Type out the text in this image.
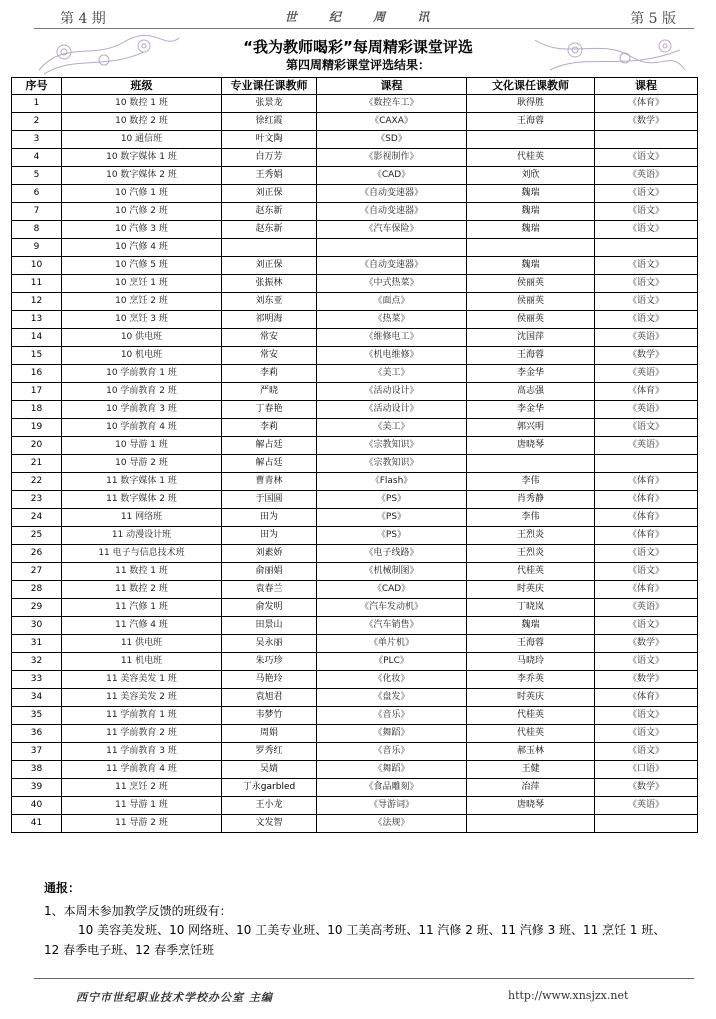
第 4 期	世 纪 周 讯	第 5 版
“我为教师喝彩”每周精彩课堂评选
第四周精彩课堂评选结果：
序号	班级	专业课任课教师	课程	文化课任课教师	课程
1	10 数控 1 班	张景龙	《数控车工》	耿得胜	《体育》
2	10 数控 2 班	徐红霞	《CAXA》	王海蓉	《数学》
3	10 通信班	叶文陶	《SD》		
4	10 数字媒体 1 班	白万芳	《影视制作》	代桂英	《语文》
5	10 数字媒体 2 班	王秀娟	《CAD》	刘欣	《英语》
6	10 汽修 1 班	刘正保	《自动变速器》	魏瑞	《语文》
7	10 汽修 2 班	赵东新	《自动变速器》	魏瑞	《语文》
8	10 汽修 3 班	赵东新	《汽车保险》	魏瑞	《语文》
9	10 汽修 4 班				
10	10 汽修 5 班	刘正保	《自动变速器》	魏瑞	《语文》
11	10 烹饪 1 班	张振林	《中式热菜》	侯丽英	《语文》
12	10 烹饪 2 班	刘东亚	《面点》	侯丽英	《语文》
13	10 烹饪 3 班	祁明海	《热菜》	侯丽英	《语文》
14	10 供电班	常安	《维修电工》	沈国萍	《英语》
15	10 机电班	常安	《机电维修》	王海蓉	《数学》
16	10 学前教育 1 班	李莉	《美工》	李金华	《英语》
17	10 学前教育 2 班	严晓	《活动设计》	高志强	《体育》
18	10 学前教育 3 班	丁春艳	《活动设计》	李金华	《英语》
19	10 学前教育 4 班	李莉	《美工》	郭兴明	《语文》
20	10 导游 1 班	解占廷	《宗教知识》	唐晓琴	《英语》
21	10 导游 2 班	解占廷	《宗教知识》		
22	11 数字媒体 1 班	曹青林	《Flash》	李伟	《体育》
23	11 数字媒体 2 班	于国圆	《PS》	肖秀静	《体育》
24	11 网络班	田为	《PS》	李伟	《体育》
25	11 动漫设计班	田为	《PS》	王烈炎	《体育》
26	11 电子与信息技术班	刘素娇	《电子线路》	王烈炎	《语文》
27	11 数控 1 班	俞丽娟	《机械制图》	代桂英	《语文》
28	11 数控 2 班	袁春兰	《CAD》	时英庆	《体育》
29	11 汽修 1 班	俞发明	《汽车发动机》	丁晓岚	《英语》
30	11 汽修 4 班	田景山	《汽车销售》	魏瑞	《语文》
31	11 供电班	吴永丽	《单片机》	王海蓉	《数学》
32	11 机电班	朱巧珍	《PLC》	马晓玲	《语文》
33	11 美容美发 1 班	马艳玲	《化妆》	李乔英	《数学》
34	11 美容美发 2 班	袁旭君	《盘发》	时英庆	《体育》
35	11 学前教育 1 班	韦梦竹	《音乐》	代桂英	《语文》
36	11 学前教育 2 班	周娟	《舞蹈》	代桂英	《语文》
37	11 学前教育 3 班	罗秀红	《音乐》	郝玉林	《语文》
38	11 学前教育 4 班	吴婧	《舞蹈》	王健	《口语》
39	11 烹饪 2 班	丁永garbled	《食品雕刻》	冶萍	《数学》
40	11 导游 1 班	王小龙	《导游词》	唐晓琴	《英语》
41	11 导游 2 班	文发智	《法规》		
通报：
1、本周未参加教学反馈的班级有：
10 美容美发班、10 网络班、10 工美专业班、10 工美高考班、11 汽修 2 班、11 汽修 3 班、11 烹饪 1 班、12 春季电子班、12 春季烹饪班
西宁市世纪职业技术学校办公室 主编	http://www.xnsjzx.net
